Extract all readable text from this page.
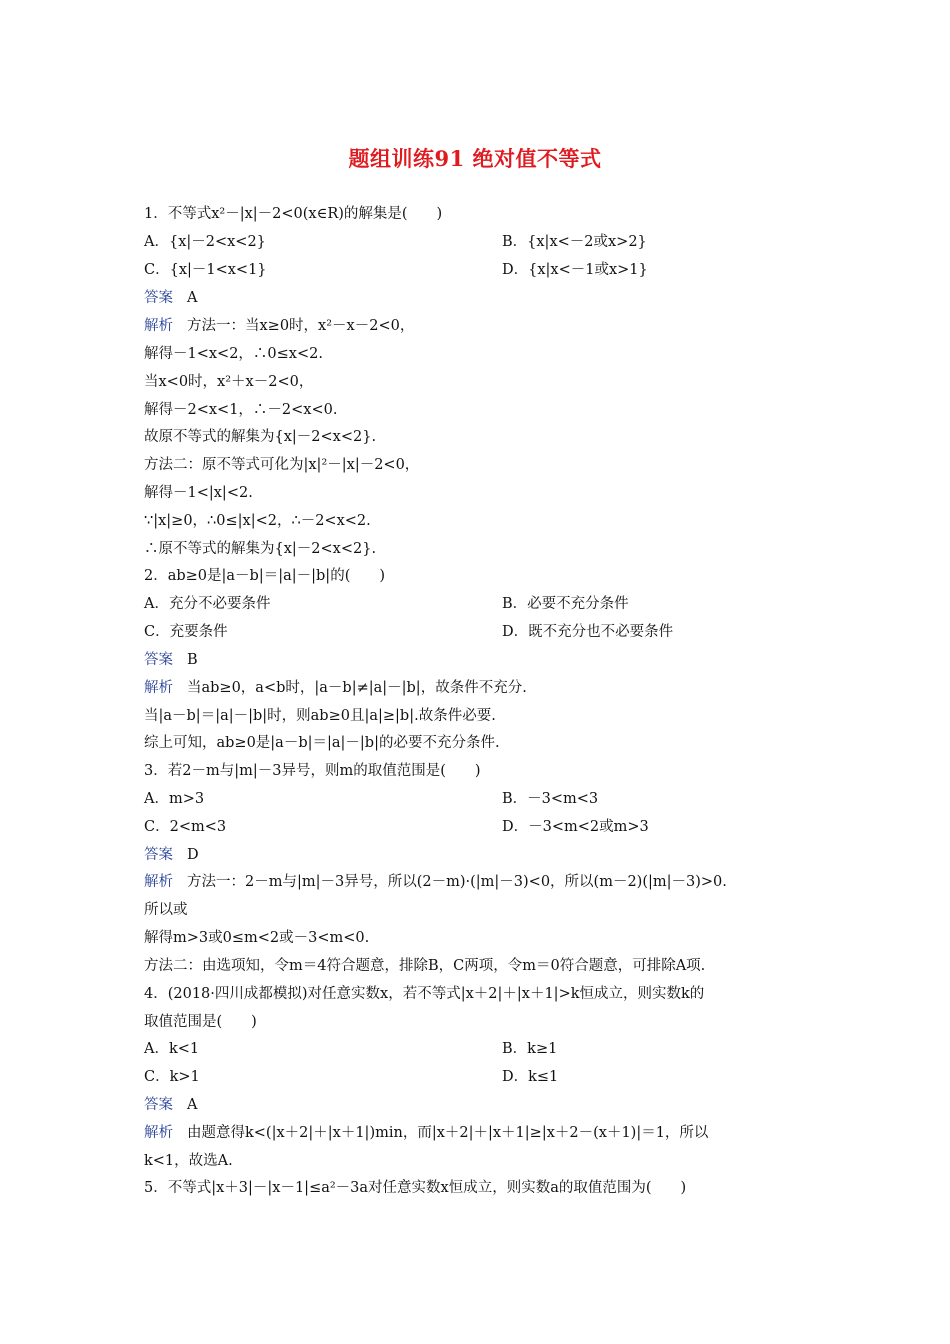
题组训练91 绝对值不等式
1．不等式x²－|x|－2<0(x∈R)的解集是(　　)
A．{x|－2<x<2}	B．{x|x<－2或x>2}
C．{x|－1<x<1}	D．{x|x<－1或x>1}
答案 A
解析 方法一：当x≥0时，x²－x－2<0，
解得－1<x<2，∴0≤x<2.
当x<0时，x²＋x－2<0，
解得－2<x<1，∴－2<x<0.
故原不等式的解集为{x|－2<x<2}.
方法二：原不等式可化为|x|²－|x|－2<0，
解得－1<|x|<2.
∵|x|≥0，∴0≤|x|<2，∴－2<x<2.
∴原不等式的解集为{x|－2<x<2}.
2．ab≥0是|a－b|＝|a|－|b|的(　　)
A．充分不必要条件	B．必要不充分条件
C．充要条件	D．既不充分也不必要条件
答案 B
解析 当ab≥0，a<b时，|a－b|≠|a|－|b|，故条件不充分.
当|a－b|＝|a|－|b|时，则ab≥0且|a|≥|b|.故条件必要.
综上可知，ab≥0是|a－b|＝|a|－|b|的必要不充分条件.
3．若2－m与|m|－3异号，则m的取值范围是(　　)
A．m>3	B．－3<m<3
C．2<m<3	D．－3<m<2或m>3
答案 D
解析 方法一：2－m与|m|－3异号，所以(2－m)·(|m|－3)<0，所以(m－2)(|m|－3)>0.
所以或
解得m>3或0≤m<2或－3<m<0.
方法二：由选项知，令m＝4符合题意，排除B，C两项，令m＝0符合题意，可排除A项.
4．(2018·四川成都模拟)对任意实数x，若不等式|x＋2|＋|x＋1|>k恒成立，则实数k的
取值范围是(　　)
A．k<1	B．k≥1
C．k>1	D．k≤1
答案 A
解析 由题意得k<(|x＋2|＋|x＋1|)min，而|x＋2|＋|x＋1|≥|x＋2－(x＋1)|＝1，所以
k<1，故选A.
5．不等式|x＋3|－|x－1|≤a²－3a对任意实数x恒成立，则实数a的取值范围为(　　)
